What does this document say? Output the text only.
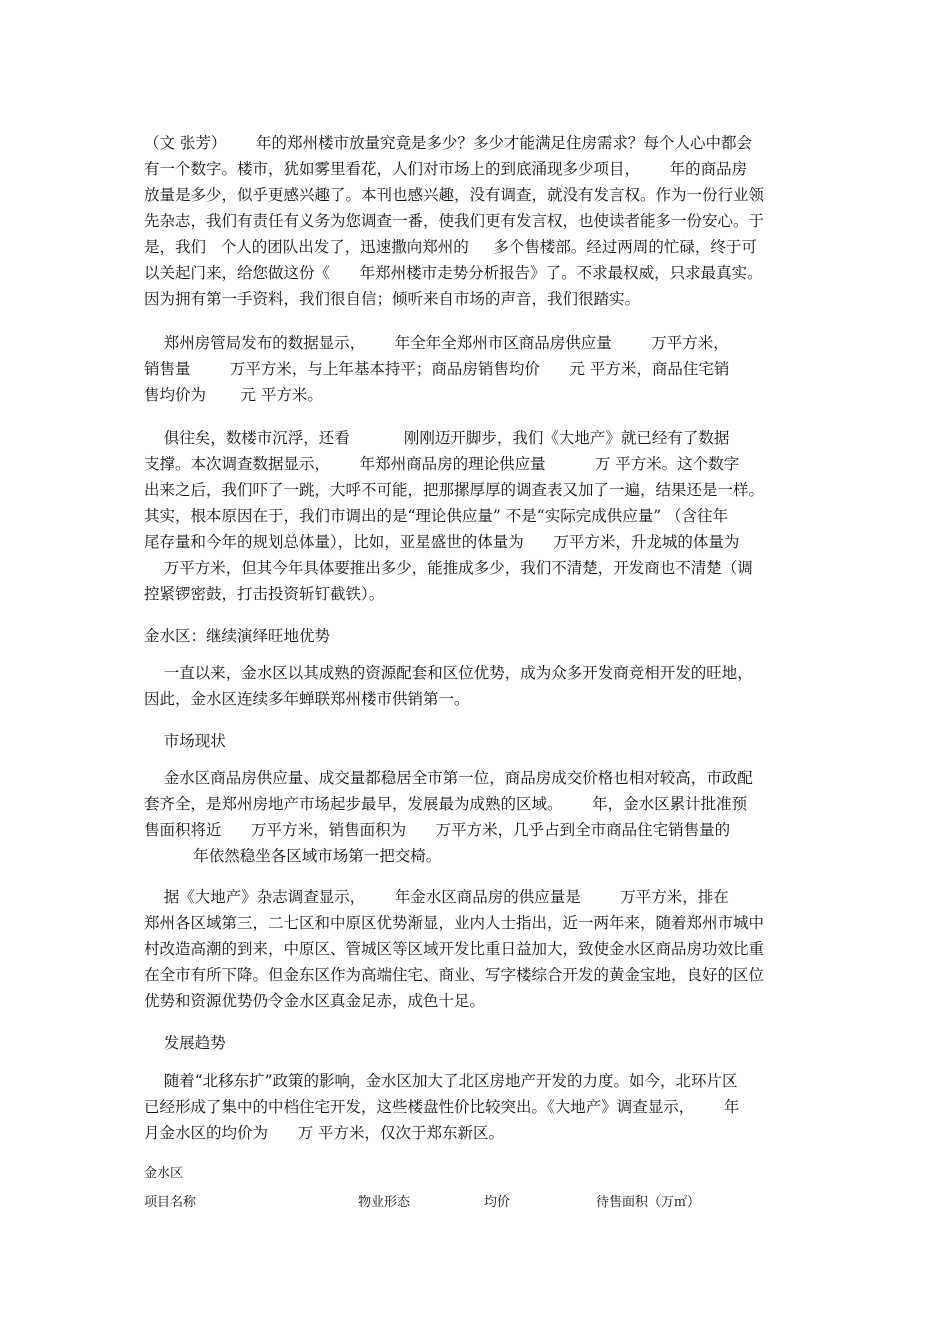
（文 张芳）      年的郑州楼市放量究竟是多少？多少才能满足住房需求？每个人心中都会
有一个数字。楼市，犹如雾里看花，人们对市场上的到底涌现多少项目，      年的商品房
放量是多少，似乎更感兴趣了。本刊也感兴趣，没有调查，就没有发言权。作为一份行业领
先杂志，我们有责任有义务为您调查一番，使我们更有发言权，也使读者能多一份安心。于
是，我们   个人的团队出发了，迅速撒向郑州的     多个售楼部。经过两周的忙碌，终于可
以关起门来，给您做这份《      年郑州楼市走势分析报告》了。不求最权威，只求最真实。
因为拥有第一手资料，我们很自信；倾听来自市场的声音，我们很踏实。
郑州房管局发布的数据显示，      年全年全郑州市区商品房供应量        万平方米，
销售量        万平方米，与上年基本持平；商品房销售均价      元 平方米，商品住宅销
售均价为       元 平方米。
俱往矣，数楼市沉浮，还看           刚刚迈开脚步，我们《大地产》就已经有了数据
支撑。本次调查数据显示，      年郑州商品房的理论供应量          万 平方米。这个数字
出来之后，我们吓了一跳，大呼不可能，把那摞厚厚的调查表又加了一遍，结果还是一样。
其实，根本原因在于，我们市调出的是“理论供应量” 不是“实际完成供应量” （含往年
尾存量和今年的规划总体量），比如，亚星盛世的体量为      万平方米，升龙城的体量为
万平方米，但其今年具体要推出多少，能推成多少，我们不清楚，开发商也不清楚（调
控紧锣密鼓，打击投资斩钉截铁）。
金水区：继续演绎旺地优势
一直以来，金水区以其成熟的资源配套和区位优势，成为众多开发商竞相开发的旺地，
因此，金水区连续多年蝉联郑州楼市供销第一。
市场现状
金水区商品房供应量、成交量都稳居全市第一位，商品房成交价格也相对较高，市政配
套齐全，是郑州房地产市场起步最早，发展最为成熟的区域。      年，金水区累计批准预
售面积将近      万平方米，销售面积为      万平方米，几乎占到全市商品住宅销售量的
年依然稳坐各区域市场第一把交椅。
据《大地产》杂志调查显示，      年金水区商品房的供应量是        万平方米，排在
郑州各区域第三，二七区和中原区优势渐显，业内人士指出，近一两年来，随着郑州市城中
村改造高潮的到来，中原区、管城区等区域开发比重日益加大，致使金水区商品房功效比重
在全市有所下降。但金东区作为高端住宅、商业、写字楼综合开发的黄金宝地，良好的区位
优势和资源优势仍令金水区真金足赤，成色十足。
发展趋势
随着“北移东扩”政策的影响，金水区加大了北区房地产开发的力度。如今，北环片区
已经形成了集中的中档住宅开发，这些楼盘性价比较突出。《大地产》调查显示，      年
月金水区的均价为      万 平方米，仅次于郑东新区。
金水区
项目名称	物业形态	均价	待售面积（万㎡）
